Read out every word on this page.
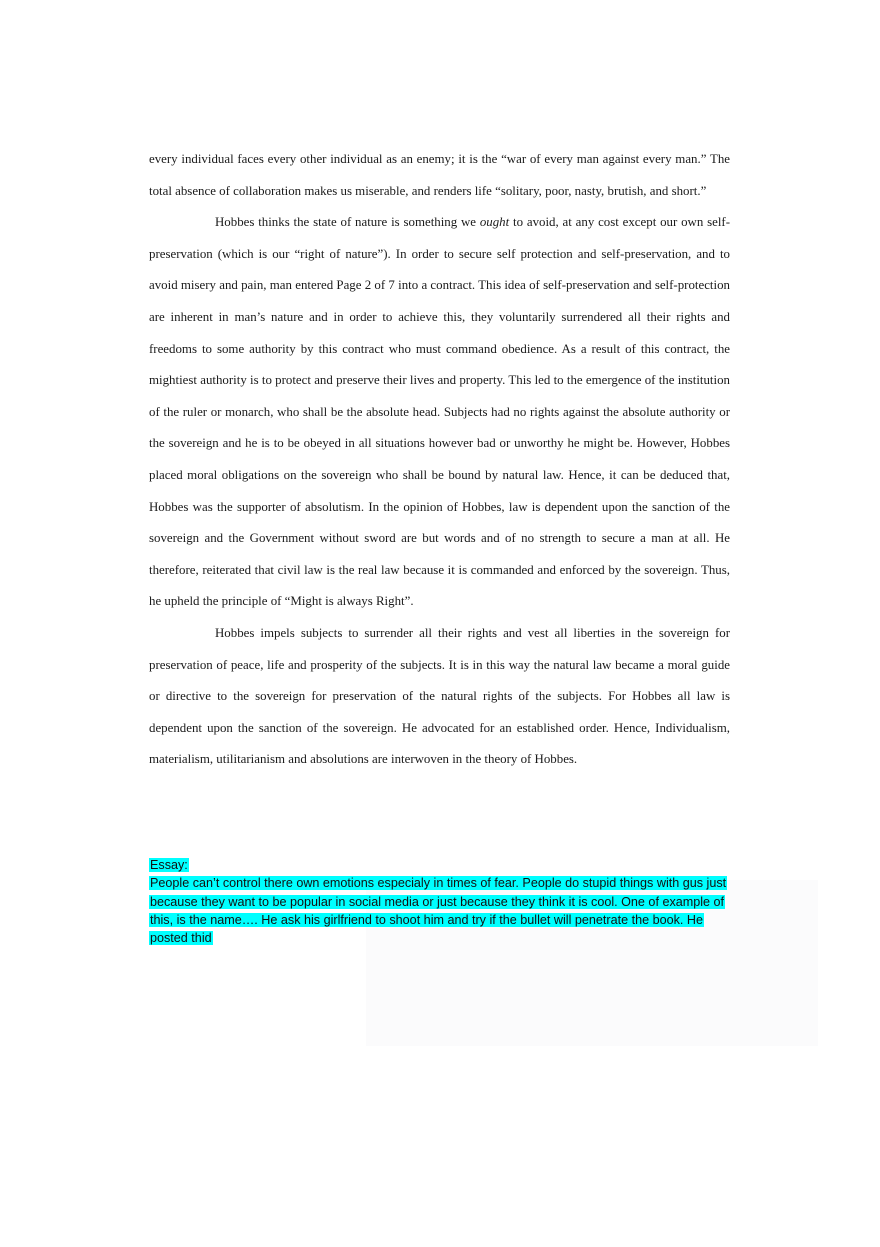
every individual faces every other individual as an enemy; it is the “war of every man against every man.” The total absence of collaboration makes us miserable, and renders life “solitary, poor, nasty, brutish, and short.”

Hobbes thinks the state of nature is something we ought to avoid, at any cost except our own self-preservation (which is our “right of nature”). In order to secure self protection and self-preservation, and to avoid misery and pain, man entered Page 2 of 7 into a contract. This idea of self-preservation and self-protection are inherent in man’s nature and in order to achieve this, they voluntarily surrendered all their rights and freedoms to some authority by this contract who must command obedience. As a result of this contract, the mightiest authority is to protect and preserve their lives and property. This led to the emergence of the institution of the ruler or monarch, who shall be the absolute head. Subjects had no rights against the absolute authority or the sovereign and he is to be obeyed in all situations however bad or unworthy he might be. However, Hobbes placed moral obligations on the sovereign who shall be bound by natural law. Hence, it can be deduced that, Hobbes was the supporter of absolutism. In the opinion of Hobbes, law is dependent upon the sanction of the sovereign and the Government without sword are but words and of no strength to secure a man at all. He therefore, reiterated that civil law is the real law because it is commanded and enforced by the sovereign. Thus, he upheld the principle of “Might is always Right”.

Hobbes impels subjects to surrender all their rights and vest all liberties in the sovereign for preservation of peace, life and prosperity of the subjects. It is in this way the natural law became a moral guide or directive to the sovereign for preservation of the natural rights of the subjects. For Hobbes all law is dependent upon the sanction of the sovereign. He advocated for an established order. Hence, Individualism, materialism, utilitarianism and absolutions are interwoven in the theory of Hobbes.

Essay:

People can’t control there own emotions especialy in times of fear. People do stupid things with gus just because they want to be popular in social media or just because they think it is cool. One of example of this, is the name…. He ask his girlfriend to shoot him and try if the bullet will penetrate the book. He posted thid
